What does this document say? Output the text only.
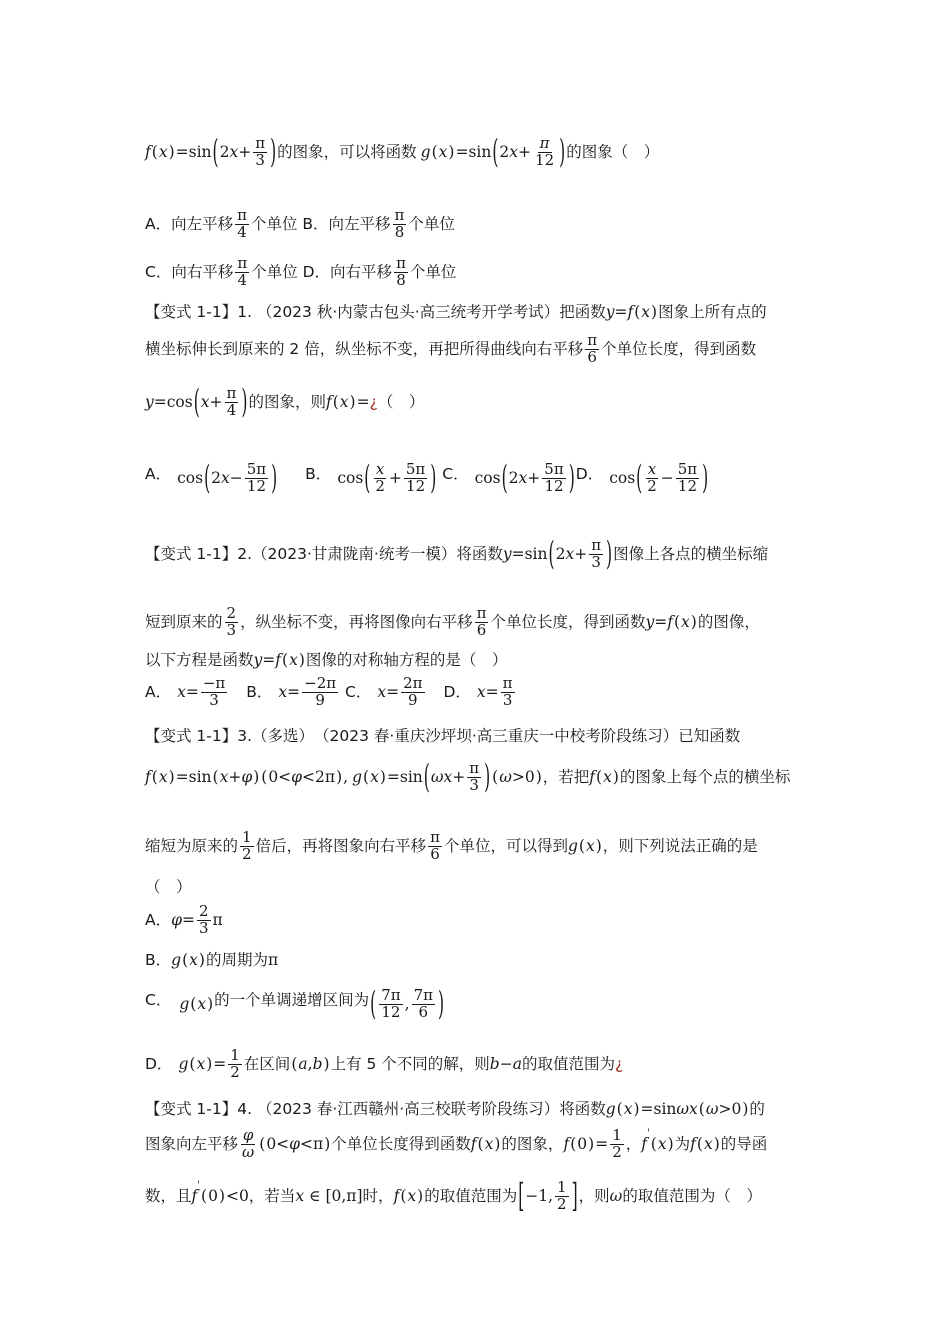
$f(x)=\sin(2x+ \frac{\pi}{3}$ )的图象，可以将函数 $g(x)=\sin(2x+ \frac{\pi}{12}$ )的图象（　）
A．向左平移 $\frac{\pi}{4}$ 个单位 B．向左平移 $\frac{\pi}{8}$ 个单位
C．向右平移 $\frac{\pi}{4}$ 个单位 D．向右平移 $\frac{\pi}{8}$ 个单位
【变式 1-1】1. （2023 秋·内蒙古包头·高三统考开学考试）把函数y=f(x)图象上所有点的
横坐标伸长到原来的 2 倍，纵坐标不变，再把所得曲线向右平移 $\frac{\pi}{6}$ 个单位长度，得到函数
$y=\cos(x+ \frac{\pi}{4}$ )的图象，则f(x)=¿（　）
A． $\cos(2x- \frac{5\pi}{12}$ ) B． $\cos( \frac{x}{2} + \frac{5\pi}{12}$ ) C． $\cos(2x+ \frac{5\pi}{12} )D$． $\cos( \frac{x}{2} - \frac{5\pi}{12}$ )
【变式 1-1】2.（2023·甘肃陇南·统考一模）将函数$y=\sin(2x+ \frac{\pi}{3}$ )图像上各点的横坐标缩
短到原来的 $\frac{2}{3}$ ，纵坐标不变，再将图像向右平移 $\frac{\pi}{6}$ 个单位长度，得到函数y=f(x)的图像，
以下方程是函数y=f(x)图像的对称轴方程的是（　）
A． $x= \frac{-\pi}{3}$ B． $x= \frac{-2\pi}{9}$ C． $x= \frac{2\pi}{9}$ D． $x= \frac{\pi}{3}$
【变式 1-1】3.（多选）　（2023 春·重庆沙坪坝·高三重庆一中校考阶段练习）已知函数
f(x)=sin(x+φ) (0<φ<2π), $g(x)=\sin(\omega x+ \frac{\pi}{3}$ ) (ω>0)，若把f(x)的图象上每个点的横坐标
缩短为原来的 $\frac{1}{2}$ 倍后，再将图象向右平移 $\frac{\pi}{6}$ 个单位，可以得到g(x)，则下列说法正确的是
（　）
A．$\varphi= \frac{2}{3}$ π
B．g(x)的周期为π
C． g(x)的一个单调递增区间为( $\frac{7\pi}{12}$ , $\frac{7\pi}{6}$ )
D． $g(x)= \frac{1}{2}$ 在区间(a,b)上有 5 个不同的解，则b−a的取值范围为¿
【变式 1-1】4. （2023 春·江西赣州·高三校联考阶段练习）将函数g(x)=sinωx(ω>0)的
图象向左平移 $\frac{\varphi}{\omega} (0<\varphi<\pi)$个单位长度得到函数f(x)的图象，$f(0)= \frac{1}{2}$ ，f'(x)为f(x)的导函
数，且f'(0)<0，若当x ∈ [0,π]时，f(x)的取值范围为[−1, $\frac{1}{2}$ ]，则ω的取值范围为（　）
